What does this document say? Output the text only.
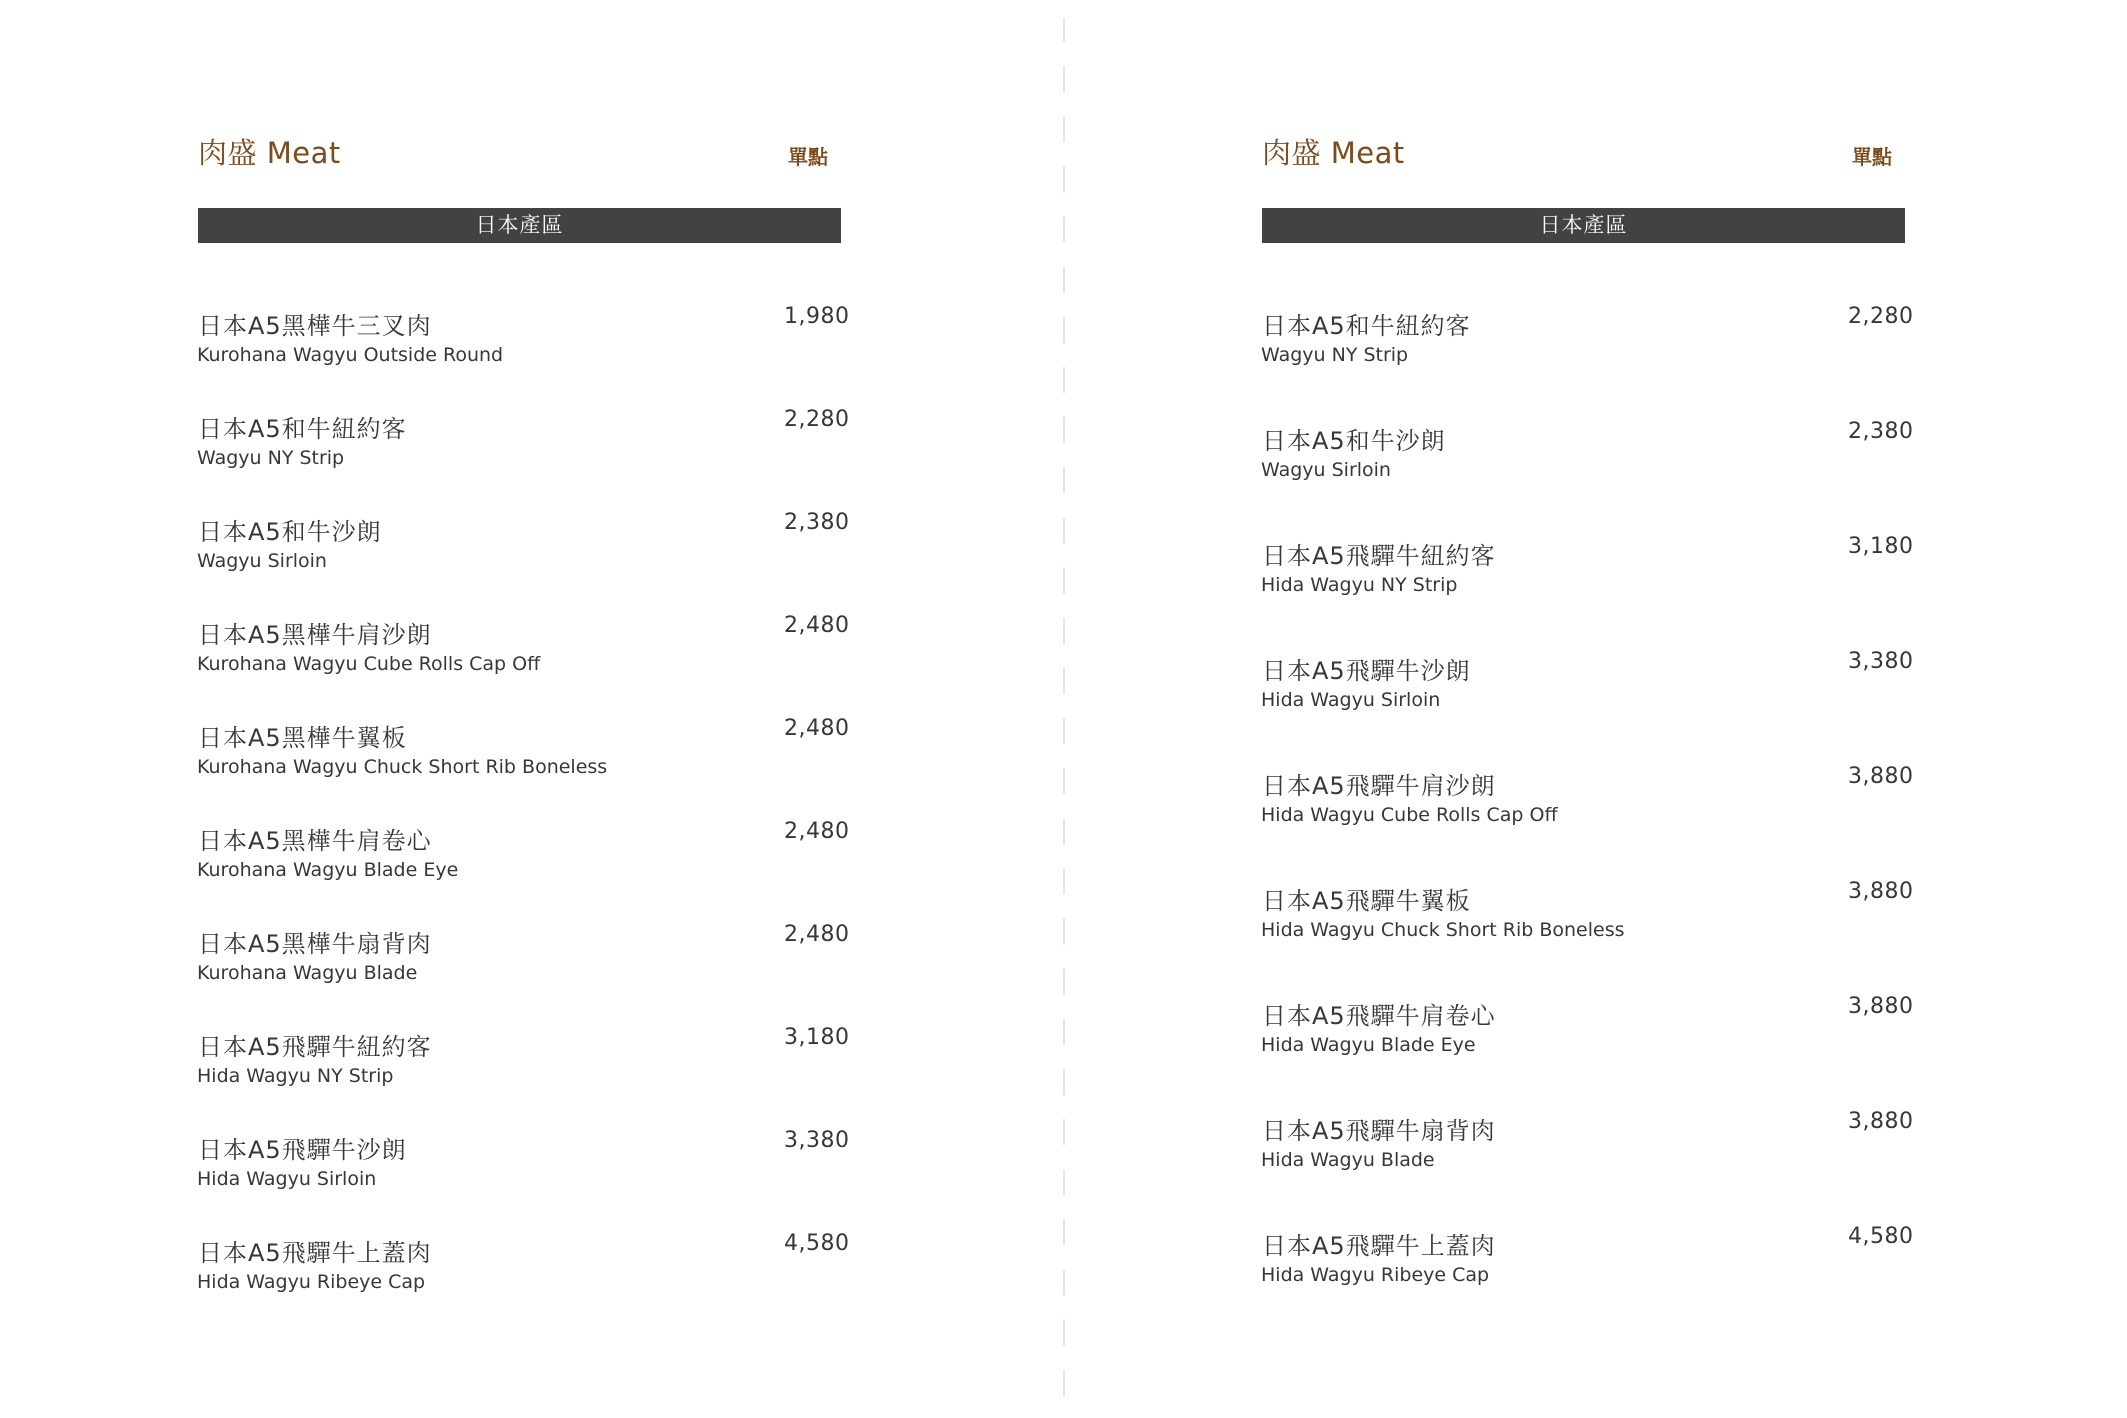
肉盛 Meat	單點
日本產區
日本A5黑樺牛三叉肉
Kurohana Wagyu Outside Round
1,980
日本A5和牛紐約客
Wagyu NY Strip
2,280
日本A5和牛沙朗
Wagyu Sirloin
2,380
日本A5黑樺牛肩沙朗
Kurohana Wagyu Cube Rolls Cap Off
2,480
日本A5黑樺牛翼板
Kurohana Wagyu Chuck Short Rib Boneless
2,480
日本A5黑樺牛肩卷心
Kurohana Wagyu Blade Eye
2,480
日本A5黑樺牛扇背肉
Kurohana Wagyu Blade
2,480
日本A5飛驒牛紐約客
Hida Wagyu NY Strip
3,180
日本A5飛驒牛沙朗
Hida Wagyu Sirloin
3,380
日本A5飛驒牛上蓋肉
Hida Wagyu Ribeye Cap
4,580
肉盛 Meat	單點
日本產區
日本A5和牛紐約客
Wagyu NY Strip
2,280
日本A5和牛沙朗
Wagyu Sirloin
2,380
日本A5飛驒牛紐約客
Hida Wagyu NY Strip
3,180
日本A5飛驒牛沙朗
Hida Wagyu Sirloin
3,380
日本A5飛驒牛肩沙朗
Hida Wagyu Cube Rolls Cap Off
3,880
日本A5飛驒牛翼板
Hida Wagyu Chuck Short Rib Boneless
3,880
日本A5飛驒牛肩卷心
Hida Wagyu Blade Eye
3,880
日本A5飛驒牛扇背肉
Hida Wagyu Blade
3,880
日本A5飛驒牛上蓋肉
Hida Wagyu Ribeye Cap
4,580
